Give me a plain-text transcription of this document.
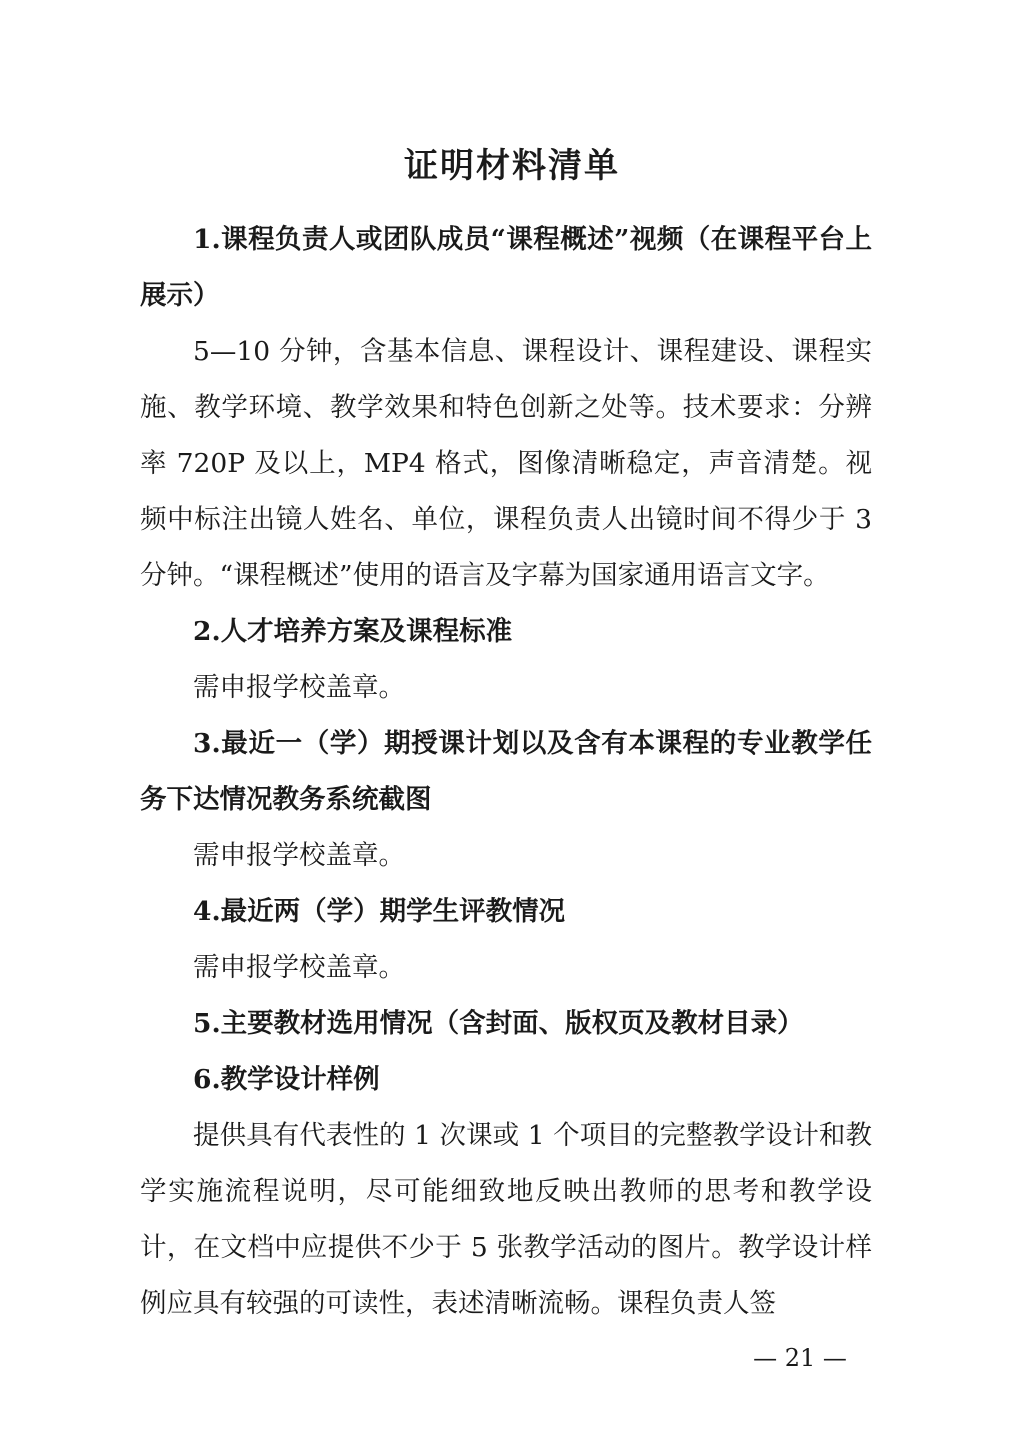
证明材料清单

1.课程负责人或团队成员“课程概述”视频（在课程平台上展示）

5—10 分钟，含基本信息、课程设计、课程建设、课程实施、教学环境、教学效果和特色创新之处等。技术要求：分辨率 720P 及以上，MP4 格式，图像清晰稳定，声音清楚。视频中标注出镜人姓名、单位，课程负责人出镜时间不得少于 3 分钟。“课程概述”使用的语言及字幕为国家通用语言文字。

2.人才培养方案及课程标准

需申报学校盖章。

3.最近一（学）期授课计划以及含有本课程的专业教学任务下达情况教务系统截图

需申报学校盖章。

4.最近两（学）期学生评教情况

需申报学校盖章。

5.主要教材选用情况（含封面、版权页及教材目录）

6.教学设计样例

提供具有代表性的 1 次课或 1 个项目的完整教学设计和教学实施流程说明，尽可能细致地反映出教师的思考和教学设计，在文档中应提供不少于 5 张教学活动的图片。教学设计样例应具有较强的可读性，表述清晰流畅。课程负责人签

— 21 —
